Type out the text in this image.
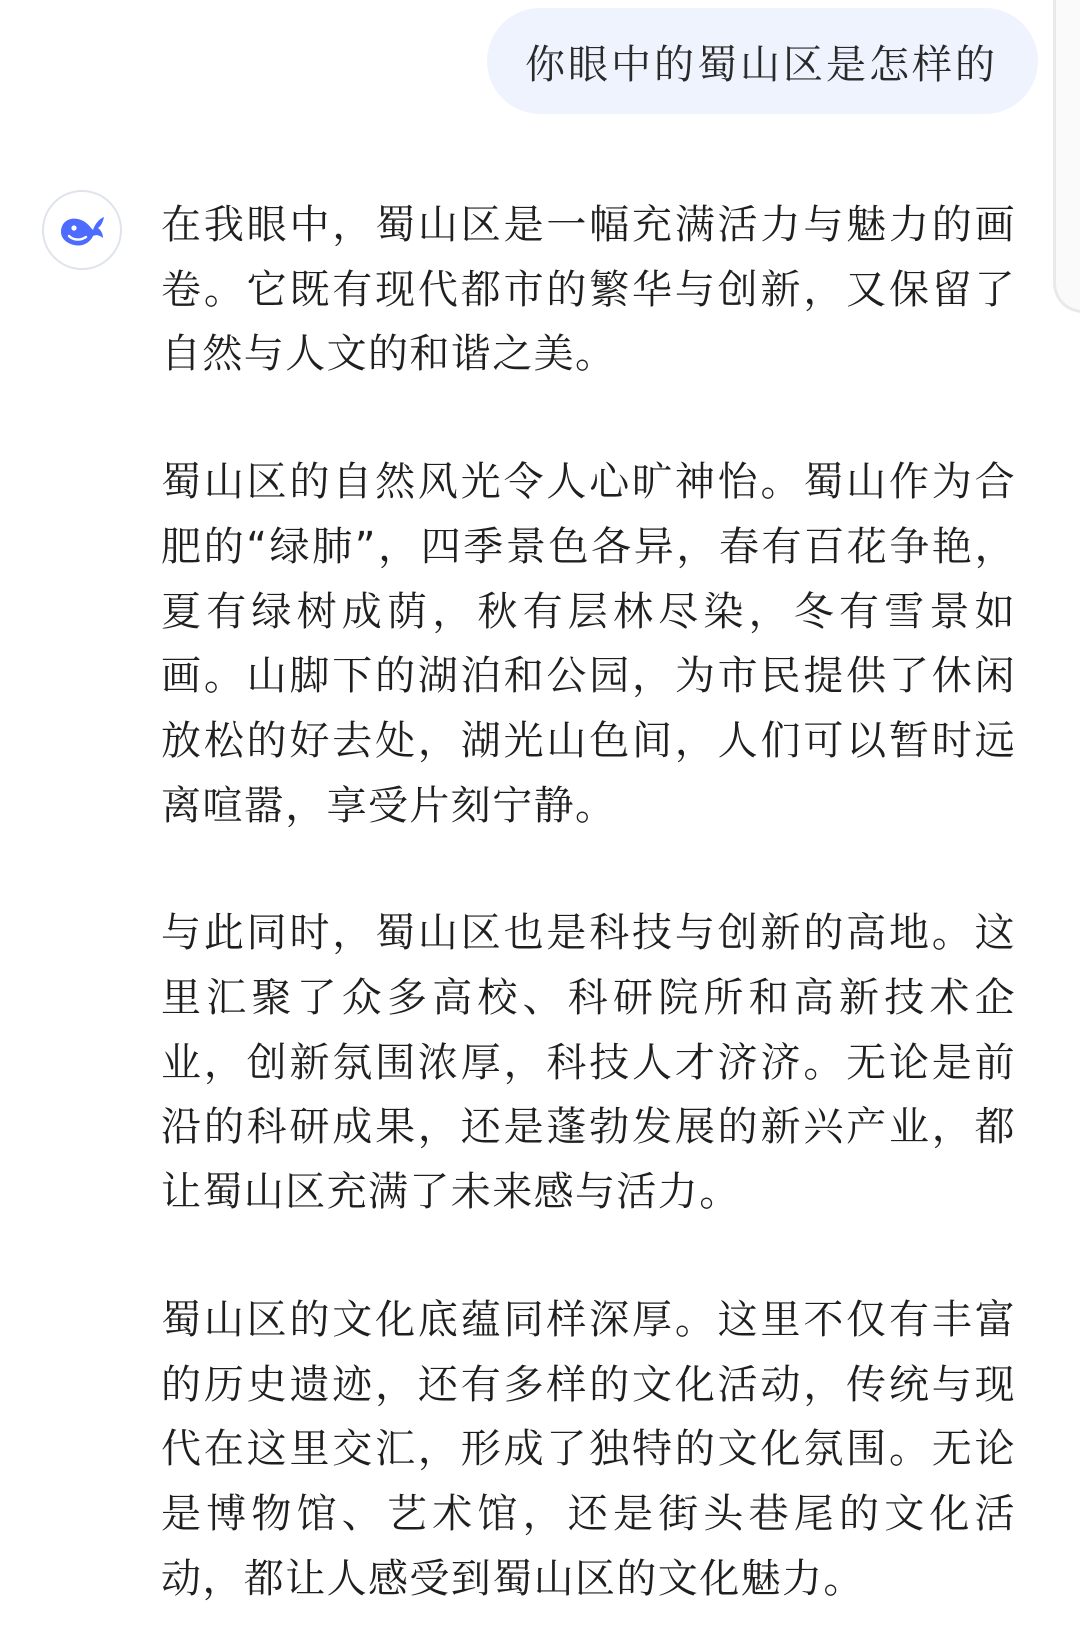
你眼中的蜀山区是怎样的

在我眼中，蜀山区是一幅充满活力与魅力的画卷。它既有现代都市的繁华与创新，又保留了自然与人文的和谐之美。

蜀山区的自然风光令人心旷神怡。蜀山作为合肥的“绿肺”，四季景色各异，春有百花争艳，夏有绿树成荫，秋有层林尽染，冬有雪景如画。山脚下的湖泊和公园，为市民提供了休闲放松的好去处，湖光山色间，人们可以暂时远离喧嚣，享受片刻宁静。

与此同时，蜀山区也是科技与创新的高地。这里汇聚了众多高校、科研院所和高新技术企业，创新氛围浓厚，科技人才济济。无论是前沿的科研成果，还是蓬勃发展的新兴产业，都让蜀山区充满了未来感与活力。

蜀山区的文化底蕴同样深厚。这里不仅有丰富的历史遗迹，还有多样的文化活动，传统与现代在这里交汇，形成了独特的文化氛围。无论是博物馆、艺术馆，还是街头巷尾的文化活动，都让人感受到蜀山区的文化魅力。
